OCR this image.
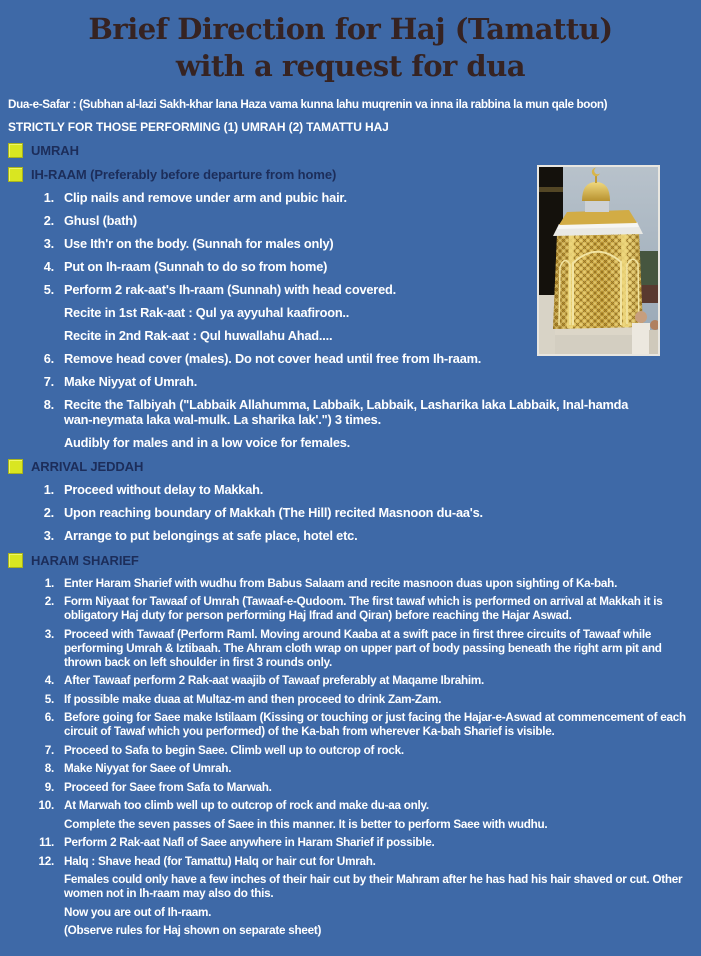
Brief Direction for Haj (Tamattu)
with a request for dua
Dua-e-Safar : (Subhan al-lazi Sakh-khar lana Haza vama kunna lahu muqrenin va inna ila rabbina la mun qale boon)
STRICTLY FOR THOSE PERFORMING (1) UMRAH (2) TAMATTU HAJ
UMRAH
IH-RAAM (Preferably before departure from home)
1. Clip nails and remove under arm and pubic hair.
2. Ghusl (bath)
3. Use Ith'r on the body. (Sunnah for males only)
4. Put on Ih-raam (Sunnah to do so from home)
5. Perform 2 rak-aat's Ih-raam (Sunnah) with head covered.
Recite in 1st Rak-aat : Qul ya ayyuhal kaafiroon..
Recite in 2nd Rak-aat : Qul huwallahu Ahad....
6. Remove head cover (males). Do not cover head until free from Ih-raam.
7. Make Niyyat of Umrah.
8. Recite the Talbiyah ("Labbaik Allahumma, Labbaik, Labbaik, Lasharika laka Labbaik, Inal-hamda wan-neymata laka wal-mulk. La sharika lak'.") 3 times.
Audibly for males and in a low voice for females.
ARRIVAL JEDDAH
1. Proceed without delay to Makkah.
2. Upon reaching boundary of Makkah (The Hill) recited Masnoon du-aa's.
3. Arrange to put belongings at safe place, hotel etc.
HARAM SHARIEF
1. Enter Haram Sharief with wudhu from Babus Salaam and recite masnoon duas upon sighting of Ka-bah.
2. Form Niyaat for Tawaaf of Umrah (Tawaaf-e-Qudoom. The first tawaf which is performed on arrival at Makkah it is obligatory Haj duty for person performing Haj Ifrad and Qiran) before reaching the Hajar Aswad.
3. Proceed with Tawaaf (Perform Raml. Moving around Kaaba at a swift pace in first three circuits of Tawaaf while performing Umrah & Iztibaah. The Ahram cloth wrap on upper part of body passing beneath the right arm pit and thrown back on left shoulder in first 3 rounds only.
4. After Tawaaf perform 2 Rak-aat waajib of Tawaaf preferably at Maqame Ibrahim.
5. If possible make duaa at Multaz-m and then proceed to drink Zam-Zam.
6. Before going for Saee make Istilaam (Kissing or touching or just facing the Hajar-e-Aswad at commencement of each circuit of Tawaf which you performed) of the Ka-bah from wherever Ka-bah Sharief is visible.
7. Proceed to Safa to begin Saee. Climb well up to outcrop of rock.
8. Make Niyyat for Saee of Umrah.
9. Proceed for Saee from Safa to Marwah.
10. At Marwah too climb well up to outcrop of rock and make du-aa only.
Complete the seven passes of Saee in this manner. It is better to perform Saee with wudhu.
11. Perform 2 Rak-aat Nafl of Saee anywhere in Haram Sharief if possible.
12. Halq : Shave head (for Tamattu) Halq or hair cut for Umrah.
Females could only have a few inches of their hair cut by their Mahram after he has had his hair shaved or cut. Other women not in Ih-raam may also do this.
Now you are out of Ih-raam.
(Observe rules for Haj shown on separate sheet)
